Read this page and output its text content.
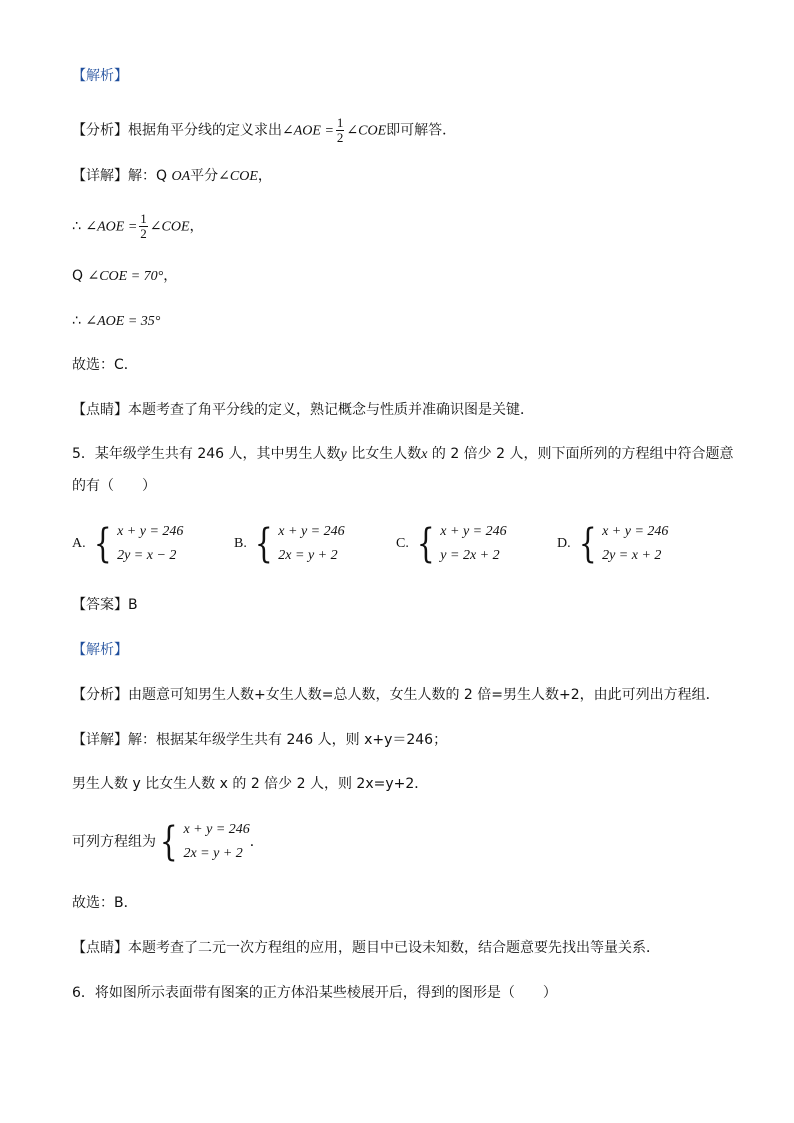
【解析】
【分析】根据角平分线的定义求出∠AOE = $\frac{1}{2}$ ∠COE即可解答．
【详解】解：Q OA平分∠COE，
∴ ∠AOE = $\frac{1}{2}$ ∠COE，
Q ∠COE = 70°，
∴ ∠AOE = 35°
故选：C．
【点睛】本题考查了角平分线的定义，熟记概念与性质并准确识图是关键．
5．某年级学生共有 246 人，其中男生人数y 比女生人数x 的 2 倍少 2 人，则下面所列的方程组中符合题意
的有（　　）
A. { x + y = 246
2y = x − 2
B. { x + y = 246
2x = y + 2
C. { x + y = 246
y = 2x + 2
D. { x + y = 246
2y = x + 2
【答案】B
【解析】
【分析】由题意可知男生人数+女生人数=总人数，女生人数的 2 倍=男生人数+2，由此可列出方程组．
【详解】解：根据某年级学生共有 246 人，则 x+y＝246；
男生人数 y 比女生人数 x 的 2 倍少 2 人，则 2x=y+2．
可列方程组为 { x + y = 246
2x = y + 2
．
故选：B．
【点睛】本题考查了二元一次方程组的应用，题目中已设未知数，结合题意要先找出等量关系．
6．将如图所示表面带有图案的正方体沿某些棱展开后，得到的图形是（　　）
